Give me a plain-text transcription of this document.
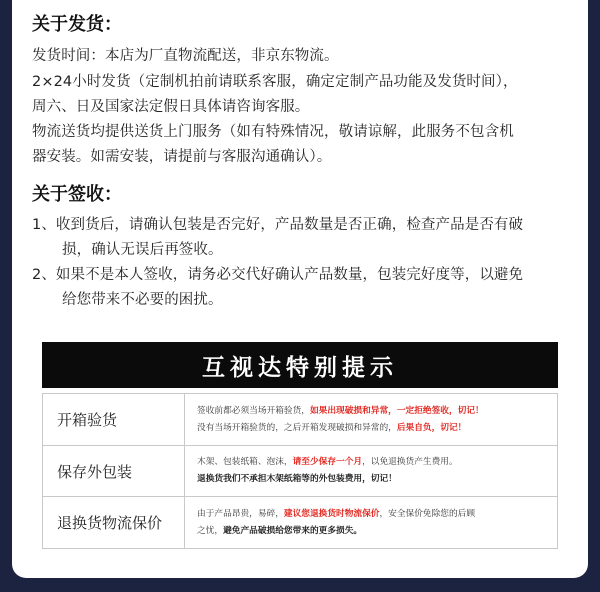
关于发货：
发货时间：本店为厂直物流配送，非京东物流。
2×24小时发货（定制机拍前请联系客服，确定定制产品功能及发货时间），
周六、日及国家法定假日具体请咨询客服。
物流送货均提供送货上门服务（如有特殊情况，敬请谅解，此服务不包含机
器安装。如需安装，请提前与客服沟通确认）。
关于签收：
1、收到货后，请确认包装是否完好，产品数量是否正确，检查产品是否有破
损，确认无误后再签收。
2、如果不是本人签收，请务必交代好确认产品数量，包装完好度等，以避免
给您带来不必要的困扰。
互视达特别提示
开箱验货	签收前都必须当场开箱验货，如果出现破损和异常，一定拒绝签收，切记！
没有当场开箱验货的，之后开箱发现破损和异常的，后果自负，切记！

保存外包装	木架、包装纸箱、泡沫，请至少保存一个月，以免退换货产生费用。
退换货我们不承担木架纸箱等的外包装费用，切记！

退换货物流保价	由于产品昂贵，易碎，建议您退换货时物流保价，安全保价免除您的后顾
之忧，避免产品破损给您带来的更多损失。
